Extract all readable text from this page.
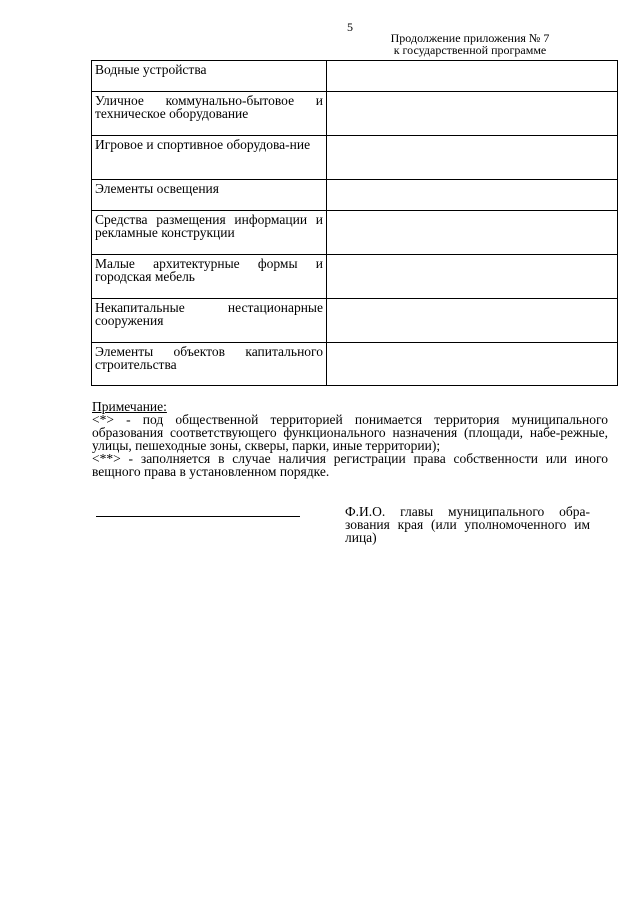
5
Продолжение приложения № 7
к государственной программе
Водные устройства	
Уличное коммунально-бытовое и техническое оборудование	
Игровое и спортивное оборудова-ние	
Элементы освещения	
Средства размещения информации и рекламные конструкции	
Малые архитектурные формы и городская мебель	
Некапитальные нестационарные сооружения	
Элементы объектов капитального строительства	
Примечание:
<*> - под общественной территорией понимается территория муниципального образования соответствующего функционального назначения (площади, набе-режные, улицы, пешеходные зоны, скверы, парки, иные территории);
<**> - заполняется в случае наличия регистрации права собственности или иного вещного права в установленном порядке.
Ф.И.О. главы муниципального обра-зования края (или уполномоченного им лица)
